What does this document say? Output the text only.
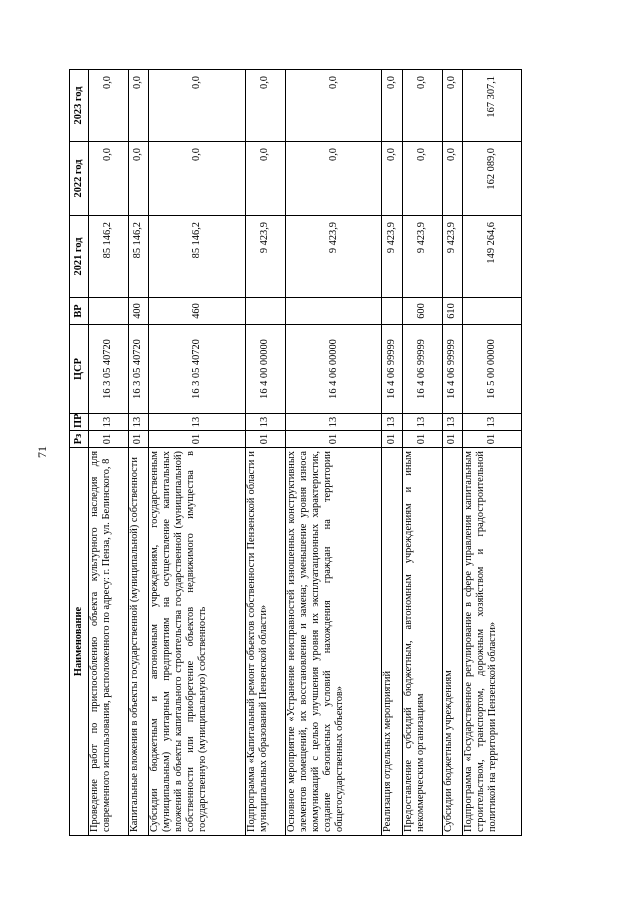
71
Наименование	Рз	ПР	ЦСР	ВР	2021 год	2022 год	2023 год
Проведение работ по приспособлению объекта культурного наследия для современного использования, расположенного по адресу: г. Пенза, ул. Белинского, 8	01	13	16 3 05 40720		85 146,2	0,0	0,0
Капитальные вложения в объекты государственной (муниципальной) собственности	01	13	16 3 05 40720	400	85 146,2	0,0	0,0
Субсидии бюджетным и автономным учреждениям, государственным (муниципальным) унитарным предприятиям на осуществление капитальных вложений в объекты капитального строительства государственной (муниципальной) собственности или приобретение объектов недвижимого имущества в государственную (муниципальную) собственность	01	13	16 3 05 40720	460	85 146,2	0,0	0,0
Подпрограмма «Капитальный ремонт объектов собственности Пензенской области и муниципальных образований Пензенской области»	01	13	16 4 00 00000		9 423,9	0,0	0,0
Основное мероприятие «Устранение неисправностей изношенных конструктивных элементов помещений, их восстановление и замена; уменьшение уровня износа коммуникаций с целью улучшения уровня их эксплуатационных характеристик, создание безопасных условий нахождения граждан на территории общегосударственных объектов»	01	13	16 4 06 00000		9 423,9	0,0	0,0
Реализация отдельных мероприятий	01	13	16 4 06 99999		9 423,9	0,0	0,0
Предоставление субсидий бюджетным, автономным учреждениям и иным некоммерческим организациям	01	13	16 4 06 99999	600	9 423,9	0,0	0,0
Субсидии бюджетным учреждениям	01	13	16 4 06 99999	610	9 423,9	0,0	0,0
Подпрограмма «Государственное регулирование в сфере управления капитальным строительством, транспортом, дорожным хозяйством и градостроительной политикой на территории Пензенской области»	01	13	16 5 00 00000		149 264,6	162 089,0	167 307,1
